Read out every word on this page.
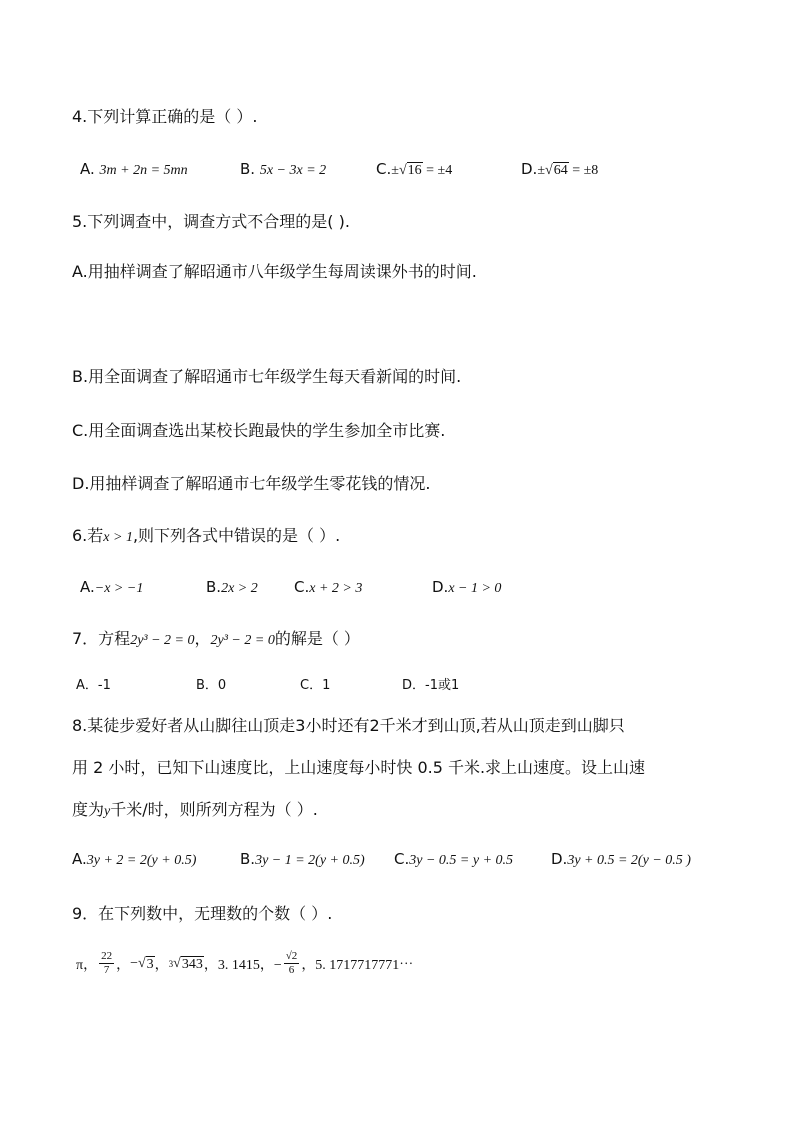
4.下列计算正确的是（ ）.
A. 3m + 2n = 5mn	B. 5x − 3x = 2	C.±√16 = ±4	D.±√64 = ±8
5.下列调查中，调查方式不合理的是( ).
A.用抽样调查了解昭通市八年级学生每周读课外书的时间.
B.用全面调查了解昭通市七年级学生每天看新闻的时间.
C.用全面调查选出某校长跑最快的学生参加全市比赛.
D.用抽样调查了解昭通市七年级学生零花钱的情况.
6.若x > 1,则下列各式中错误的是（ ）.
A.−x > −1	B.2x > 2 C.x + 2 > 3	D.x − 1 > 0
7．方程2y³ − 2 = 0，2y³ − 2 = 0的解是（ ）
A．-1	B．0	C．1	D．-1或1
8.某徒步爱好者从山脚往山顶走3小时还有2千米才到山顶,若从山顶走到山脚只
用 2 小时，已知下山速度比，上山速度每小时快 0.5 千米.求上山速度。设上山速
度为y千米/时，则所列方程为（ ）.
A.3y + 2 = 2(y + 0.5)	B.3y − 1 = 2(y + 0.5) C.3y − 0.5 = y + 0.5	D.3y + 0.5 = 2(y − 0.5 )
9．在下列数中，无理数的个数（ ）.
π， $\frac{22}{7}$ ， − √ 3 ， 3 √ 343 ，3. 1415，− $\frac{√2}{6}$ ，5. 1717717771⋯
